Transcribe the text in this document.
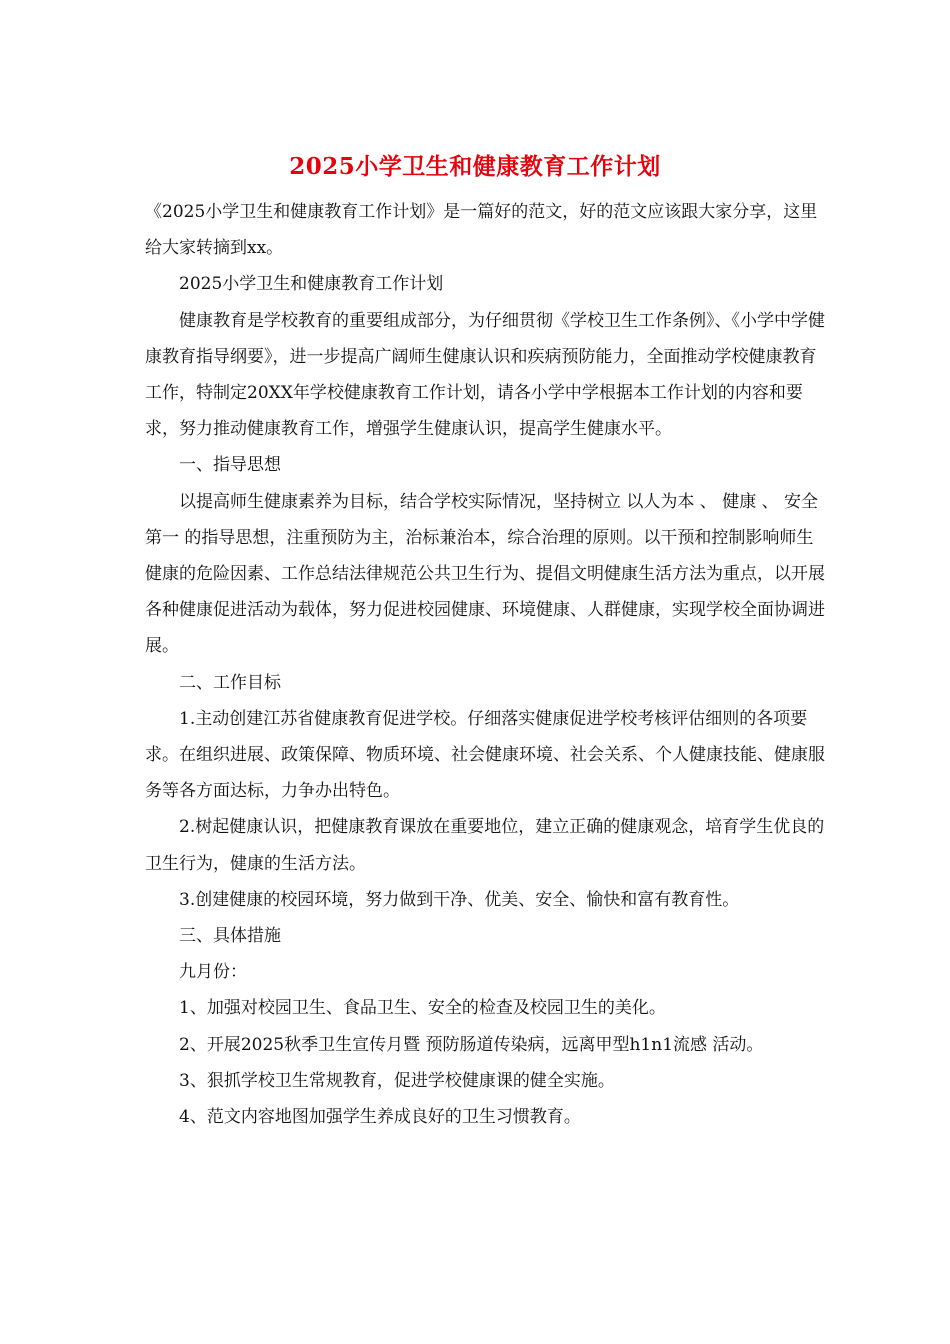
2025小学卫生和健康教育工作计划

《2025小学卫生和健康教育工作计划》是一篇好的范文，好的范文应该跟大家分享，这里给大家转摘到xx。

2025小学卫生和健康教育工作计划

健康教育是学校教育的重要组成部分，为仔细贯彻《学校卫生工作条例》、《小学中学健康教育指导纲要》，进一步提高广阔师生健康认识和疾病预防能力，全面推动学校健康教育工作，特制定20XX年学校健康教育工作计划，请各小学中学根据本工作计划的内容和要求，努力推动健康教育工作，增强学生健康认识，提高学生健康水平。

一、指导思想

以提高师生健康素养为目标，结合学校实际情况，坚持树立 以人为本 、 健康 、 安全第一 的指导思想，注重预防为主，治标兼治本，综合治理的原则。以干预和控制影响师生健康的危险因素、工作总结法律规范公共卫生行为、提倡文明健康生活方法为重点，以开展各种健康促进活动为载体，努力促进校园健康、环境健康、人群健康，实现学校全面协调进展。

二、工作目标

1.主动创建江苏省健康教育促进学校。仔细落实健康促进学校考核评估细则的各项要求。在组织进展、政策保障、物质环境、社会健康环境、社会关系、个人健康技能、健康服务等各方面达标，力争办出特色。

2.树起健康认识，把健康教育课放在重要地位，建立正确的健康观念，培育学生优良的卫生行为，健康的生活方法。

3.创建健康的校园环境，努力做到干净、优美、安全、愉快和富有教育性。

三、具体措施

九月份：

1、加强对校园卫生、食品卫生、安全的检查及校园卫生的美化。

2、开展2025秋季卫生宣传月暨 预防肠道传染病，远离甲型h1n1流感 活动。

3、狠抓学校卫生常规教育，促进学校健康课的健全实施。

4、范文内容地图加强学生养成良好的卫生习惯教育。
